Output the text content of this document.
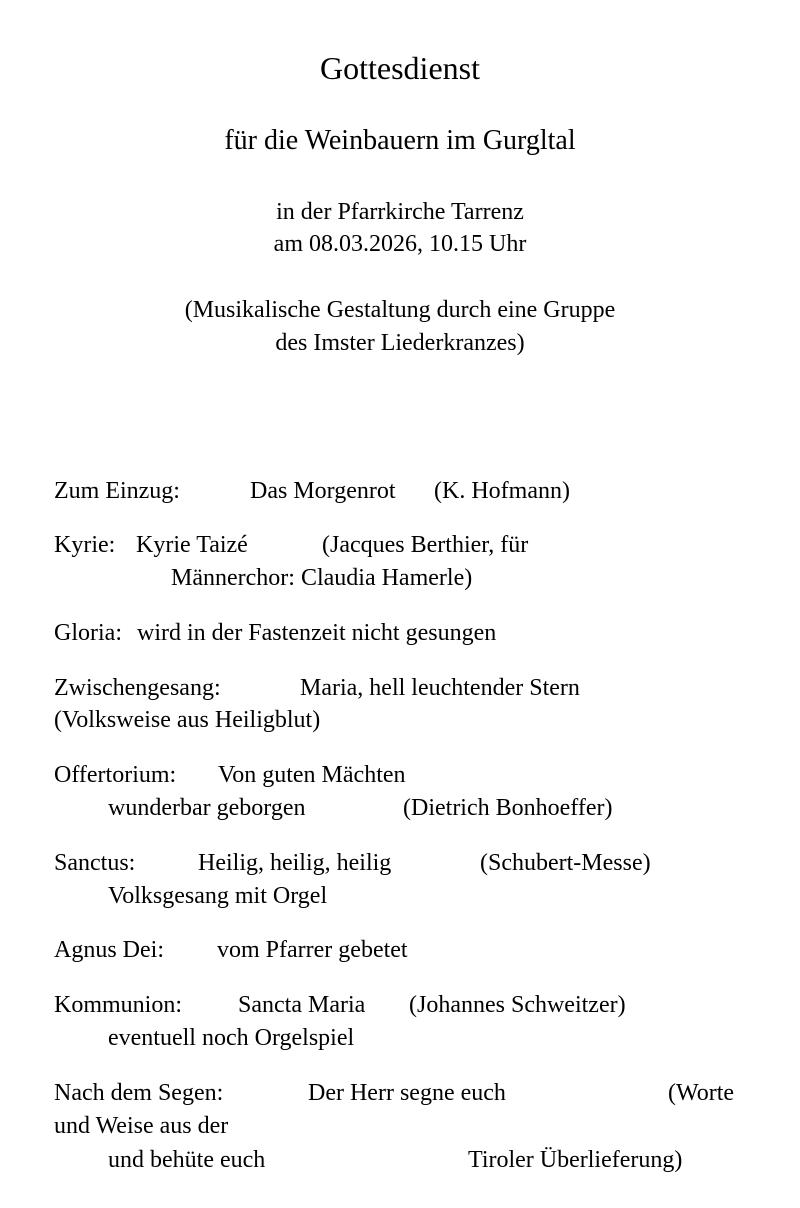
Gottesdienst
für die Weinbauern im Gurgltal
in der Pfarrkirche Tarrenz
am 08.03.2026, 10.15 Uhr
(Musikalische Gestaltung durch eine Gruppe
des Imster Liederkranzes)
Zum Einzug:	Das Morgenrot (K. Hofmann)
Kyrie: Kyrie Taizé	(Jacques Berthier, für
Männerchor: Claudia Hamerle)
Gloria: wird in der Fastenzeit nicht gesungen
Zwischengesang:	Maria, hell leuchtender Stern
(Volksweise aus Heiligblut)
Offertorium: Von guten Mächten
wunderbar geborgen	(Dietrich Bonhoeffer)
Sanctus:	Heilig, heilig, heilig	(Schubert-Messe)
Volksgesang mit Orgel
Agnus Dei: vom Pfarrer gebetet
Kommunion: Sancta Maria (Johannes Schweitzer)
eventuell noch Orgelspiel
Nach dem Segen:	Der Herr segne euch	(Worte
und Weise aus der
und behüte euch	Tiroler Überlieferung)
